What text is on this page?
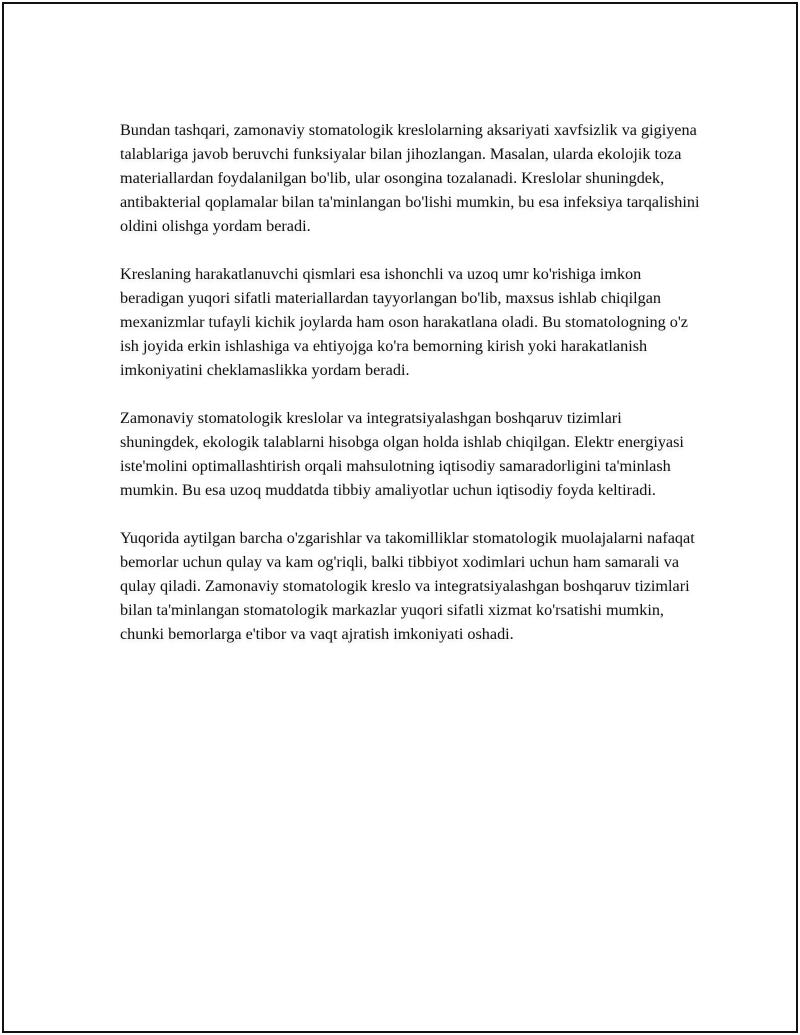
Bundan tashqari, zamonaviy stomatologik kreslolarning aksariyati xavfsizlik va gigiyena talablariga javob beruvchi funksiyalar bilan jihozlangan. Masalan, ularda ekolojik toza materiallardan foydalanilgan bo'lib, ular osongina tozalanadi. Kreslolar shuningdek, antibakterial qoplamalar bilan ta'minlangan bo'lishi mumkin, bu esa infeksiya tarqalishini oldini olishga yordam beradi.

Kreslaning harakatlanuvchi qismlari esa ishonchli va uzoq umr ko'rishiga imkon beradigan yuqori sifatli materiallardan tayyorlangan bo'lib, maxsus ishlab chiqilgan mexanizmlar tufayli kichik joylarda ham oson harakatlana oladi. Bu stomatologning o'z ish joyida erkin ishlashiga va ehtiyojga ko'ra bemorning kirish yoki harakatlanish imkoniyatini cheklamaslikka yordam beradi.

Zamonaviy stomatologik kreslolar va integratsiyalashgan boshqaruv tizimlari shuningdek, ekologik talablarni hisobga olgan holda ishlab chiqilgan. Elektr energiyasi iste'molini optimallashtirish orqali mahsulotning iqtisodiy samaradorligini ta'minlash mumkin. Bu esa uzoq muddatda tibbiy amaliyotlar uchun iqtisodiy foyda keltiradi.

Yuqorida aytilgan barcha o'zgarishlar va takomilliklar stomatologik muolajalarni nafaqat bemorlar uchun qulay va kam og'riqli, balki tibbiyot xodimlari uchun ham samarali va qulay qiladi. Zamonaviy stomatologik kreslo va integratsiyalashgan boshqaruv tizimlari bilan ta'minlangan stomatologik markazlar yuqori sifatli xizmat ko'rsatishi mumkin, chunki bemorlarga e'tibor va vaqt ajratish imkoniyati oshadi.
